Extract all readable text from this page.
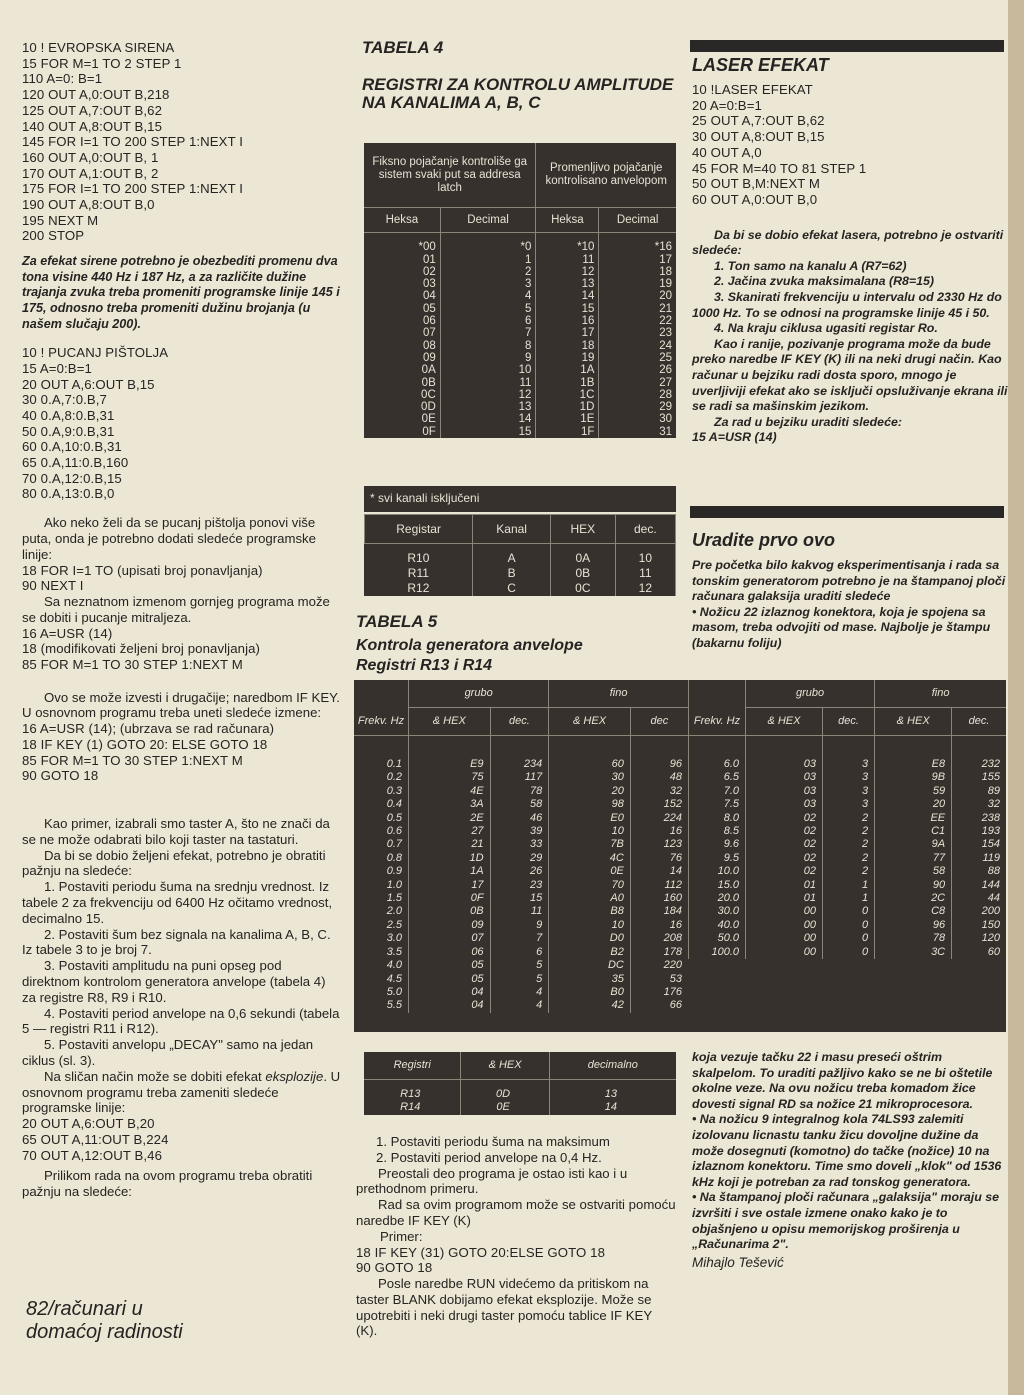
10 ! EVROPSKA SIRENA
15 FOR M=1 TO 2 STEP 1
110 A=0: B=1
120 OUT A,0:OUT B,218
125 OUT A,7:OUT B,62
140 OUT A,8:OUT B,15
145 FOR I=1 TO 200 STEP 1:NEXT I
160 OUT A,0:OUT B, 1
170 OUT A,1:OUT B, 2
175 FOR I=1 TO 200 STEP 1:NEXT I
190 OUT A,8:OUT B,0
195 NEXT M
200 STOP
Za efekat sirene potrebno je obezbediti promenu dva tona visine 440 Hz i 187 Hz, a za različite dužine trajanja zvuka treba promeniti programske linije 145 i 175, odnosno treba promeniti dužinu brojanja (u našem slučaju 200).
10 ! PUCANJ PIŠTOLJA
15 A=0:B=1
20 OUT A,6:OUT B,15
30 0.A,7:0.B,7
40 0.A,8:0.B,31
50 0.A,9:0.B,31
60 0.A,10:0.B,31
65 0.A,11:0.B,160
70 0.A,12:0.B,15
80 0.A,13:0.B,0

Ako neko želi da se pucanj pištolja ponovi više puta, onda je potrebno dodati sledeće programske linije:

18 FOR I=1 TO (upisati broj ponavljanja)
90 NEXT I

Sa neznatnom izmenom gornjeg programa može se dobiti i pucanje mitraljeza.

16 A=USR (14)
18 (modifikovati željeni broj ponavljanja)
85 FOR M=1 TO 30 STEP 1:NEXT M

Ovo se može izvesti i drugačije; naredbom IF KEY. U osnovnom programu treba uneti sledeće izmene:

16 A=USR (14); (ubrzava se rad računara)
18 IF KEY (1) GOTO 20: ELSE GOTO 18
85 FOR M=1 TO 30 STEP 1:NEXT M
90 GOTO 18

Kao primer, izabrali smo taster A, što ne znači da se ne može odabrati bilo koji taster na tastaturi.

Da bi se dobio željeni efekat, potrebno je obratiti pažnju na sledeće:

1. Postaviti periodu šuma na srednju vrednost. Iz tabele 2 za frekvenciju od 6400 Hz očitamo vrednost, decimalno 15.
2. Postaviti šum bez signala na kanalima A, B, C. Iz tabele 3 to je broj 7.
3. Postaviti amplitudu na puni opseg pod direktnom kontrolom generatora anvelope (tabela 4) za registre R8, R9 i R10.
4. Postaviti period anvelope na 0,6 sekundi (tabela 5 — registri R11 i R12).
5. Postaviti anvelopu „DECAY" samo na jedan ciklus (sl. 3).

Na sličan način može se dobiti efekat eksplozije. U osnovnom programu treba zameniti sledeće programske linije:

20 OUT A,6:OUT B,20
65 OUT A,11:OUT B,224
70 OUT A,12:OUT B,46

Prilikom rada na ovom programu treba obratiti pažnju na sledeće:

82/računari u domaćoj radinosti
TABELA 4
REGISTRI ZA KONTROLU AMPLITUDE NA KANALIMA A, B, C
Fiksno pojačanje kontroliše ga sistem svaki put sa addresa latch		Promenljivo pojačanje kontrolisano anvelopom	
Heksa	Decimal	Heksa	Decimal
*00	*0	*10	*16
01	1	11	17
02	2	12	18
03	3	13	19
04	4	14	20
05	5	15	21
06	6	16	22
07	7	17	23
08	8	18	24
09	9	19	25
0A	10	1A	26
0B	11	1B	27
0C	12	1C	28
0D	13	1D	29
0E	14	1E	30
0F	15	1F	31
* svi kanali isključeni
Registar	Kanal	HEX	dec.
R10	A	0A	10
R11	B	0B	11
R12	C	0C	12
TABELA 5
Kontrola generatora anvelope
Registri R13 i R14
	grubo		fino	
Frekv. Hz	& HEX	dec.	& HEX	dec
0.1	E9	234	60	96
0.2	75	117	30	48
0.3	4E	78	20	32
0.4	3A	58	98	152
0.5	2E	46	E0	224
0.6	27	39	10	16
0.7	21	33	7B	123
0.8	1D	29	4C	76
0.9	1A	26	0E	14
1.0	17	23	70	112
1.5	0F	15	A0	160
2.0	0B	11	B8	184
2.5	09	9	10	16
3.0	07	7	D0	208
3.5	06	6	B2	178
4.0	05	5	DC	220
4.5	05	5	35	53
5.0	04	4	B0	176
5.5	04	4	42	66
	grubo		fino	
Frekv. Hz	& HEX	dec.	& HEX	dec.
6.0	03	3	E8	232
6.5	03	3	9B	155
7.0	03	3	59	89
7.5	03	3	20	32
8.0	02	2	EE	238
8.5	02	2	C1	193
9.6	02	2	9A	154
9.5	02	2	77	119
10.0	02	2	58	88
15.0	01	1	90	144
20.0	01	1	2C	44
30.0	00	0	C8	200
40.0	00	0	96	150
50.0	00	0	78	120
100.0	00	0	3C	60
Registri	& HEX	decimalno
R13	0D	13
R14	0E	14
1. Postaviti periodu šuma na maksimum
2. Postaviti period anvelope na 0,4 Hz.

Preostali deo programa je ostao isti kao i u prethodnom primeru.

Rad sa ovim programom može se ostvariti pomoću naredbe IF KEY (K)

Primer:

18 IF KEY (31) GOTO 20:ELSE GOTO 18
90 GOTO 18

Posle naredbe RUN videćemo da pritiskom na taster BLANK dobijamo efekat eksplozije. Može se upotrebiti i neki drugi taster pomoću tablice IF KEY (K).

LASER EFEKAT
10 !LASER EFEKAT
20 A=0:B=1
25 OUT A,7:OUT B,62
30 OUT A,8:OUT B,15
40 OUT A,0
45 FOR M=40 TO 81 STEP 1
50 OUT B,M:NEXT M
60 OUT A,0:OUT B,0

Da bi se dobio efekat lasera, potrebno je ostvariti sledeće:

1. Ton samo na kanalu A (R7=62)
2. Jačina zvuka maksimalana (R8=15)
3. Skanirati frekvenciju u intervalu od 2330 Hz do 1000 Hz. To se odnosi na programske linije 45 i 50.
4. Na kraju ciklusa ugasiti registar Ro.

Kao i ranije, pozivanje programa može da bude preko naredbe IF KEY (K) ili na neki drugi način. Kao računar u bejziku radi dosta sporo, mnogo je uverljiviji efekat ako se isključi opsluživanje ekrana ili se radi sa mašinskim jezikom.

Za rad u bejziku uraditi sledeće:

15 A=USR (14)

Uradite prvo ovo

Pre početka bilo kakvog eksperimentisanja i rada sa tonskim generatorom potrebno je na štampanoj ploči računara galaksija uraditi sledeće

• Nožicu 22 izlaznog konektora, koja je spojena sa masom, treba odvojiti od mase. Najbolje je štampu (bakarnu foliju)

koja vezuje tačku 22 i masu preseći oštrim skalpelom. To uraditi pažljivo kako se ne bi oštetile okolne veze. Na ovu nožicu treba komadom žice dovesti signal RD sa nožice 21 mikroprocesora.

• Na nožicu 9 integralnog kola 74LS93 zalemiti izolovanu licnastu tanku žicu dovoljne dužine da može dosegnuti (komotno) do tačke (nožice) 10 na izlaznom konektoru. Time smo doveli „klok" od 1536 kHz koji je potreban za rad tonskog generatora.

• Na štampanoj ploči računara „galaksija" moraju se izvršiti i sve ostale izmene onako kako je to objašnjeno u opisu memorijskog proširenja u „Računarima 2".

Mihajlo Tešević
